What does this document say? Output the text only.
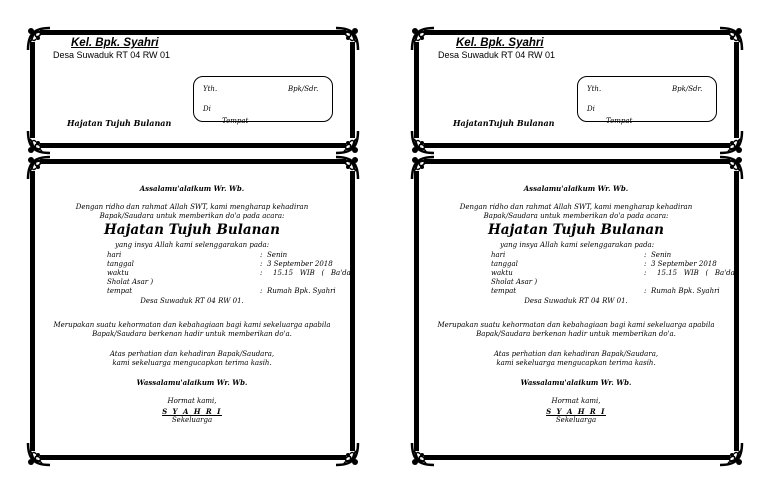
Kel. Bpk. Syahri
Desa Suwaduk RT 04 RW 01
Yth.	Bpk/Sdr.
Di
Tempat
Hajatan Tujuh Bulanan
Kel. Bpk. Syahri
Desa Suwaduk RT 04 RW 01
Yth.	Bpk/Sdr.
Di
Tempat
HajatanTujuh Bulanan
Assalamu'alaikum Wr. Wb.
Dengan ridho dan rahmat Allah SWT, kami mengharap kehadiran
Bapak/Saudara untuk memberikan do'a pada acara:
Hajatan Tujuh Bulanan
yang insya Allah kami selenggarakan pada:
hari	: Senin
tanggal	: 3 September 2018
waktu	: 15.15   WIB   (   Ba'da
Sholat Asar )
tempat	: Rumah Bpk. Syahri
Desa Suwaduk RT 04 RW 01.
Merupakan suatu kehormatan dan kebahagiaan bagi kami sekeluarga apabila
Bapak/Saudara berkenan hadir untuk memberikan do'a.
Atas perhatian dan kehadiran Bapak/Saudara,
kami sekeluarga mengucapkan terima kasih.
Wassalamu'alaikum Wr. Wb.
Hormat kami,
S Y A H R I
Sekeluarga
Assalamu'alaikum Wr. Wb.
Dengan ridho dan rahmat Allah SWT, kami mengharap kehadiran
Bapak/Saudara untuk memberikan do'a pada acara:
Hajatan Tujuh Bulanan
yang insya Allah kami selenggarakan pada:
hari	: Senin
tanggal	: 3 September 2018
waktu	: 15.15   WIB   (   Ba'da
Sholat Asar )
tempat	: Rumah Bpk. Syahri
Desa Suwaduk RT 04 RW 01.
Merupakan suatu kehormatan dan kebahagiaan bagi kami sekeluarga apabila
Bapak/Saudara berkenan hadir untuk memberikan do'a.
Atas perhatian dan kehadiran Bapak/Saudara,
kami sekeluarga mengucapkan terima kasih.
Wassalamu'alaikum Wr. Wb.
Hormat kami,
S Y A H R I
Sekeluarga
